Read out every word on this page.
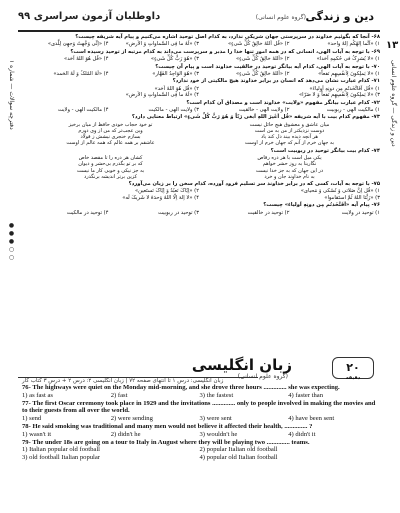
دین و زندگی
(گروه علوم انسانی)
داوطلبان آزمون سراسری ۹۹
۱۳
دین و زندگی — گروه علوم انسانی
دفترچه سوالات — شماره ۱ ●●●○○
۶۸- آنجا که بگوئیم خداوند در سرپرستی جهان شریکی ندارد، به کدام اصل توحید اشاره می‌کنیم و پیام آیه شریفه چیست؟
۱) «اَنَّما اِلهُکُم اِلهٌ واحد»
۲) «قُل اَللهُ خالِقُ کُلِّ شَیءٍ»
۳) «لَهُ ما فِی السَّماواتِ وَ الاَرض»
۴) «اِنِّی وَجَّهتُ وَجهِیَ لِلَّذی»
۶۹- با توجه به آیات الهی، انسانی که در همه امور تنها خدا را مدبر و سرپرست می‌داند به کدام مرتبه از توحید رسیده است؟
۱) «لا یُشرِکُ فی حُکمِهِ اَحَدا»
۲) «اَللهُ خالِقُ کُلِّ شَیءٍ»
۳) «هُوَ رَبُّ کُلِّ شَیءٍ»
۴) «قُل هُوَ اللهُ اَحَد»
۷۰- با توجه به آیات الهی، کدام آیه بیانگر توحید در خالقیت خداوند است و پیام آن چیست؟
۱) «لا یَملِکونَ لِاَنفُسِهِم نَفعاً»
۲) «اَللهُ خالِقُ کُلِّ شَیءٍ»
۳) «هُوَ الوَاحِدُ القَهَّار»
۴) «لَهُ المُلکُ وَ لَهُ الحَمد»
۷۱- کدام عبارت نشان می‌دهد که انسان در برابر خداوند هیچ مالکیتی از خود ندارد؟
۱) «قُل اَفَاتَّخَذتُم مِن دونِهِ اَولیاءَ»
۲) «قُل هُوَ اللهُ اَحَد»
۳) «لا یَملِکونَ لِاَنفُسِهِم نَفعاً وَ لا ضَرّا»
۴) «لَهُ ما فِی السَّماواتِ وَ الاَرض»
۷۲- کدام عبارت بیانگر مفهوم «ولایت» خداوند است و مصداق آن کدام است؟
۱) مالکیت الهی - ربوبیت
۲) ولایت الهی - خالقیت
۳) ولایت الهی - مالکیت
۴) مالکیت الهی - ولایت
۷۳- مفهوم کدام بیت با آیه شریفه «قُل اَغَیرَ اللهِ اَبغی رَبّاً وَ هُوَ رَبُّ کُلِّ شَیءٍ» ارتباط معنایی دارد؟
میان عاشق و معشوق هیچ حائل نیست
تو خود حجاب خودی حافظ از میان برخیز
دوست نزدیکتر از من به من است
وین عجب‌تر که من از وی دورم
هر آنچه دیده بیند دل کند یاد
بسازم خنجری نیشش ز فولاد
به جهان خرم از آنم که جهان خرم از اوست
عاشقم بر همه عالم که همه عالم از اوست
۷۴- کدام بیت بیانگر توحید در ربوبیت است؟
یکی میل است با هر ذره رقاص
کشان هر ذره را تا مقصد خاص
نگارینا به روز حشر خواهم
که بر تو بگذرم بی‌حشر و دیوان
در این جهان که به جز خدا نیست
به جز نیکی و خوبی کار ما نیست
به نام خداوند جان و خرد
کزین برتر اندیشه برنگذرد
۷۵- با توجه به آیات، کسی که در برابر خداوند سر تسلیم فرود آورده، کدام سخن را بر زبان می‌آورد؟
۱) «قُل اِنَّ صَلاتی وَ نُسُکی وَ مَحیای»
۲) «اِیّاکَ نَعبُدُ وَ اِیّاکَ نَستَعین»
۳) «رَبُّنَا اللهُ ثُمَّ استَقاموا»
۴) «لا اِلهَ اِلّا اللهُ وَحدَهُ لا شَریکَ لَه»
۷۶- پیام آیه «اَفَتَّخَذتُم مِن دونِهِ اَولیاءَ» چیست؟
۱) توحید در ولایت
۲) توحید در خالقیت
۳) توحید در ربوبیت
۴) توحید در مالکیت
زبان انگلیسی
(گروه علوم انسانی)
۲۰
دقیقه
زبان انگلیسی: درس ۱ تا انتهای صفحه ۷۲ | زبان انگلیسی ۲: درس ۲ + درس ۳ کتاب کار
76- The highways were quiet on the Monday mid-morning, and she drove three hours .............. she was expecting.
1) as fast as	2) fast	3) the fastest	4) faster than
77- The first Oscar ceremony took place in 1929 and the invitations .............. only to people involved in making the movies and to their guests from all over the world.
1) send	2) were sending	3) were sent	4) have been sent
78- He said smoking was traditional and many men would not believe it affected their health, .............. ?
1) wasn't it	2) didn't he	3) wouldn't he	4) didn't it
79- The under 18s are going on a tour to Italy in August where they will be playing two .............. teams.
1) Italian popular old football	2) popular Italian old football
3) old football Italian popular	4) popular old Italian football
